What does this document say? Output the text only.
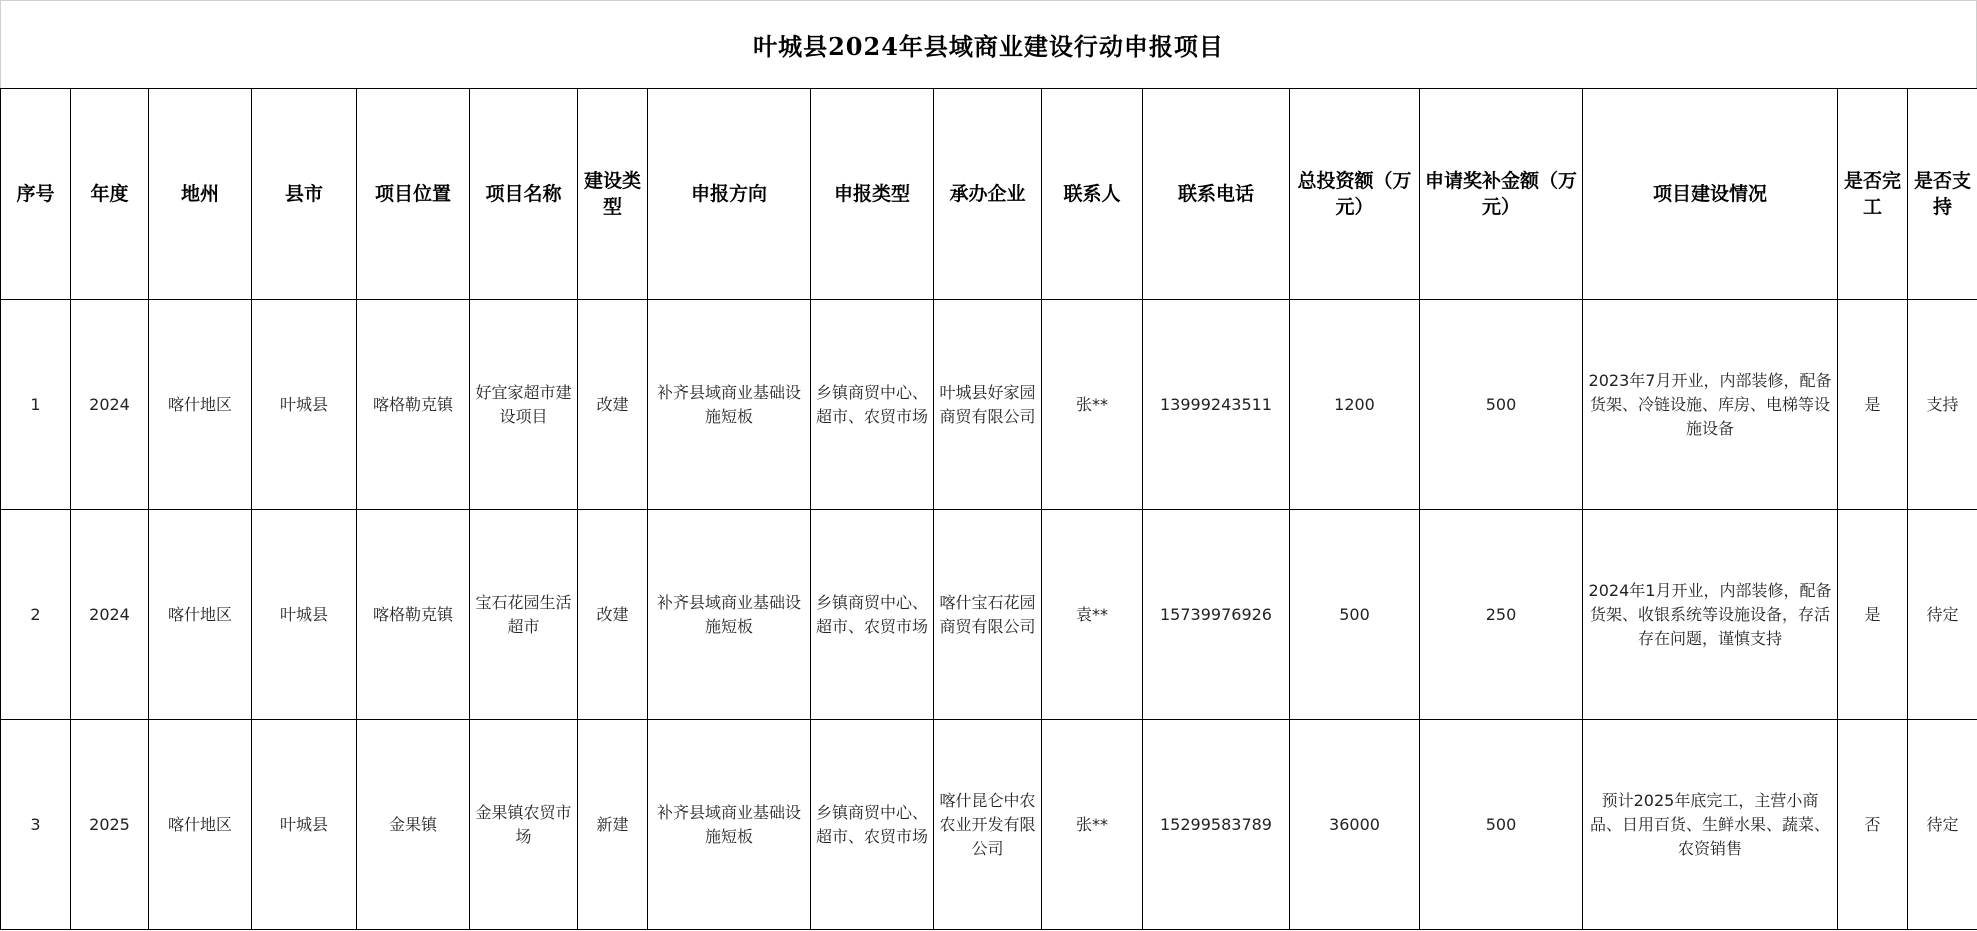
叶城县2024年县域商业建设行动申报项目
序号	年度	地州	县市	项目位置	项目名称	建设类型	申报方向	申报类型	承办企业	联系人	联系电话	总投资额（万元）	申请奖补金额（万元）	项目建设情况	是否完工	是否支持
1	2024	喀什地区	叶城县	喀格勒克镇	好宜家超市建设项目	改建	补齐县域商业基础设施短板	乡镇商贸中心、超市、农贸市场	叶城县好家园商贸有限公司	张**	13999243511	1200	500	2023年7月开业，内部装修，配备货架、冷链设施、库房、电梯等设施设备	是	支持
2	2024	喀什地区	叶城县	喀格勒克镇	宝石花园生活超市	改建	补齐县域商业基础设施短板	乡镇商贸中心、超市、农贸市场	喀什宝石花园商贸有限公司	袁**	15739976926	500	250	2024年1月开业，内部装修，配备货架、收银系统等设施设备，存活存在问题，谨慎支持	是	待定
3	2025	喀什地区	叶城县	金果镇	金果镇农贸市场	新建	补齐县域商业基础设施短板	乡镇商贸中心、超市、农贸市场	喀什昆仑中农农业开发有限公司	张**	15299583789	36000	500	预计2025年底完工，主营小商品、日用百货、生鲜水果、蔬菜、农资销售	否	待定
